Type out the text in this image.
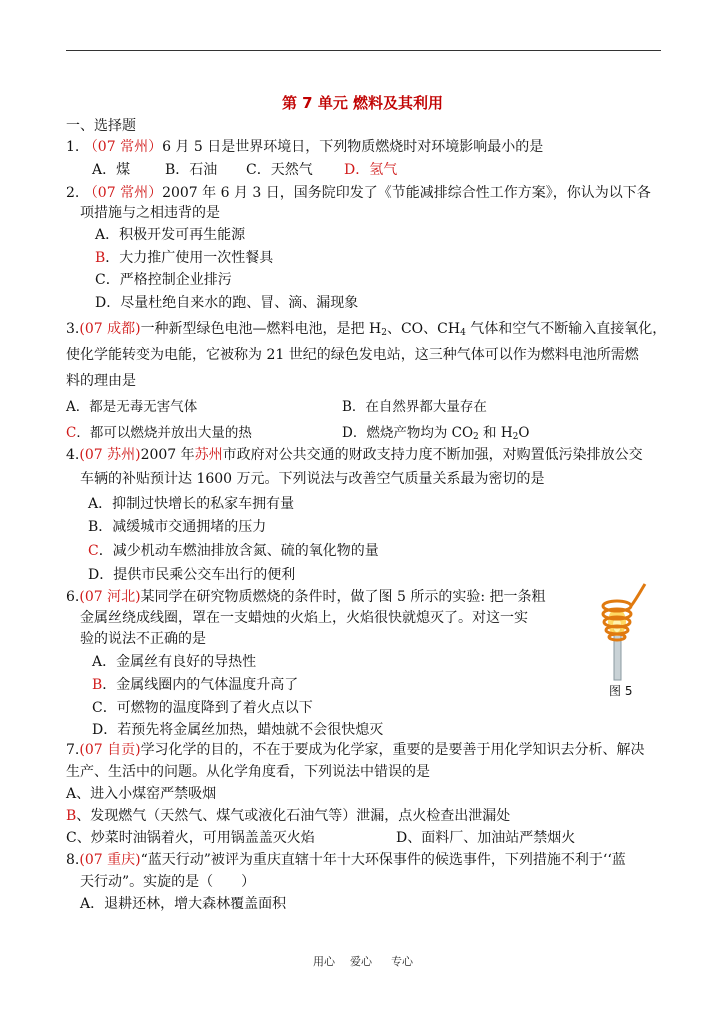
第 7 单元 燃料及其利用
一、选择题
1. （07 常州）6 月 5 日是世界环境日，下列物质燃烧时对环境影响最小的是
A．煤 B．石油 C．天然气 D．氢气
2. （07 常州）2007 年 6 月 3 日，国务院印发了《节能减排综合性工作方案》，你认为以下各
项措施与之相违背的是
A．积极开发可再生能源
B．大力推广使用一次性餐具
C．严格控制企业排污
D．尽量杜绝自来水的跑、冒、滴、漏现象
3.(07 成都)一种新型绿色电池—燃料电池，是把 $H_2$、CO、$CH_4$ 气体和空气不断输入直接氧化，
使化学能转变为电能，它被称为 21 世纪的绿色发电站，这三种气体可以作为燃料电池所需燃
料的理由是
A．都是无毒无害气体	B．在自然界都大量存在
C．都可以燃烧并放出大量的热	D．燃烧产物均为 $CO_2$ 和 $H_2O$
4.(07 苏州)2007 年苏州市政府对公共交通的财政支持力度不断加强，对购置低污染排放公交
车辆的补贴预计达 1600 万元。下列说法与改善空气质量关系最为密切的是
A．抑制过快增长的私家车拥有量
B．减缓城市交通拥堵的压力
C．减少机动车燃油排放含氮、硫的氧化物的量
D．提供市民乘公交车出行的便利
6.(07 河北)某同学在研究物质燃烧的条件时，做了图 5 所示的实验: 把一条粗
金属丝绕成线圈，罩在一支蜡烛的火焰上，火焰很快就熄灭了。对这一实
验的说法不正确的是
A．金属丝有良好的导热性
B．金属线圈内的气体温度升高了
C．可燃物的温度降到了着火点以下
D．若预先将金属丝加热，蜡烛就不会很快熄灭
图 5
7.(07 自贡)学习化学的目的，不在于要成为化学家，重要的是要善于用化学知识去分析、解决
生产、生活中的问题。从化学角度看，下列说法中错误的是
A、进入小煤窑严禁吸烟
B、发现燃气（天然气、煤气或液化石油气等）泄漏，点火检查出泄漏处
C、炒菜时油锅着火，可用锅盖盖灭火焰	D、面料厂、加油站严禁烟火
8.(07 重庆)“蓝天行动”被评为重庆直辖十年十大环保事件的候选事件，下列措施不利于‘‘蓝
天行动”。实旋的是（　　）
A．退耕还林，增大森林覆盖面积
用心 爱心 专心
